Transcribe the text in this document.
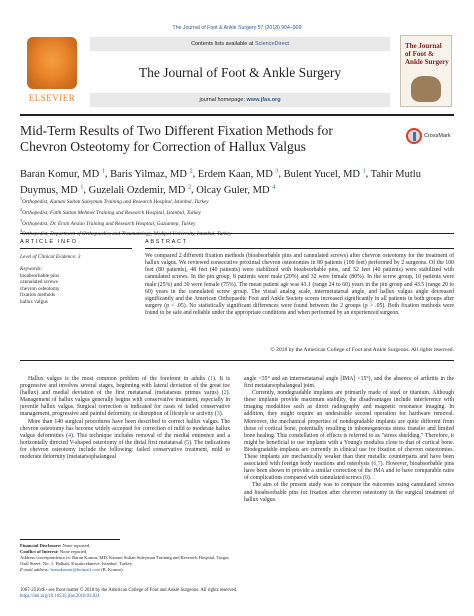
The Journal of Foot & Ankle Surgery 57 (2018) 904–909
ELSEVIER
Contents lists available at ScienceDirect
The Journal of Foot & Ankle Surgery
journal homepage: www.jfas.org
The Journal of Foot & Ankle Surgery
Mid-Term Results of Two Different Fixation Methods for Chevron Osteotomy for Correction of Hallux Valgus
CrossMark
Baran Komur, MD $^1$, Baris Yilmaz, MD $^2$, Erdem Kaan, MD $^3$, Bulent Yucel, MD $^1$, Tahir Mutlu Duymus, MD $^1$, Guzelali Ozdemir, MD $^2$, Olcay Guler, MD $^4$
$^1$Orthopedist, Kanuni Sultan Suleyman Training and Research Hospital, Istanbul, Turkey
$^2$Orthopedist, Fatih Sultan Mehmet Training and Research Hospital, Istanbul, Turkey
$^3$Orthopedist, Dr. Ersin Arslan Training and Research Hospital, Gaziantep, Turkey
$^4$Orthopedist, Department of Orthopaedics and Traumatology, Medipol University, Istanbul, Turkey
ARTICLE INFO
Level of Clinical Evidence: 3
Keywords:
bioabsorbable pins
cannulated screws
chevron osteotomy
fixation methods
hallux valgus
ABSTRACT
We compared 2 different fixation methods (bioabsorbable pins and cannulated screws) after chevron osteotomy for the treatment of hallux valgus. We reviewed consecutive proximal chevron osteotomies in 80 patients (100 feet) performed by 2 surgeons. Of the 100 feet (80 patients), 48 feet (40 patients) were stabilized with bioabsorbable pins, and 52 feet (40 patients) were stabilized with cannulated screws. In the pin group, 8 patients were male (20%) and 32 were female (80%). In the screw group, 10 patients were male (25%) and 30 were female (75%). The mean patient age was 43.1 (range 24 to 60) years in the pin group and 43.5 (range 20 to 60) years in the cannulated screw group. The visual analog scale, intermetatarsal angle, and hallux valgus angle decreased significantly and the American Orthopaedic Foot and Ankle Society scores increased significantly in all patients in both groups after surgery (p < .05). No statistically significant differences were found between the 2 groups (p > .05). Both fixation methods were found to be safe and reliable under the appropriate conditions and when performed by an experienced surgeon.
© 2018 by the American College of Foot and Ankle Surgeons. All rights reserved.

Hallux valgus is the most common problem of the forefront in adults (1). It is progressive and involves several stages, beginning with lateral deviation of the great toe (hallux) and medial deviation of the first metatarsal (metatarsus primus varus) (2). Management of hallux valgus generally begins with conservative treatment, especially in juvenile hallux valgus. Surgical correction is indicated for cases of failed conservative management, progressive and painful deformity, or disruption of lifestyle or activity (3).

More than 140 surgical procedures have been described to correct hallux valgus. The chevron osteotomy has become widely accepted for correction of mild to moderate hallux valgus deformities (4). This technique includes removal of the medial eminence and a horizontally directed V-shaped osteotomy of the distal first metatarsal (5). The indications for chevron osteotomy include the following: failed conservative treatment, mild to moderate deformity (metatarsophalangeal

angle <35° and an intermetatarsal angle [IMA] <15°), and the absence of arthritis in the first metatarsophalangeal joint.

Currently, nondegradable implants are primarily made of steel or titanium. Although these implants provide maximum stability, the disadvantages include interference with imaging modalities such as direct radiography and magnetic resonance imaging. In addition, they might require an undesirable second operation for hardware removal. Moreover, the mechanical properties of nondegradable implants are quite different from those of cortical bone, potentially resulting in inhomogeneous stress transfer and limited bone healing. This constellation of effects is referred to as "stress shielding." Therefore, it might be beneficial to use implants with a Young's modulus close to that of cortical bone. Biodegradable implants are currently in clinical use for fixation of chevron osteotomies. These implants are mechanically weaker than their metallic counterparts and have been associated with foreign body reactions and osteolysis (6,7). However, bioabsorbable pins have been shown to provide a similar correction of the IMA and to have comparable rates of complications compared with cannulated screws (8).

The aim of the present study was to compare the outcomes using cannulated screws and bioabsorbable pins for fixation after chevron osteotomy in the surgical treatment of hallux valgus.

Financial Disclosure: None reported.
Conflict of Interest: None reported.
Address correspondence to: Baran Komur, MD, Kanuni Sultan Suleyman Training and Research Hospital, Turgut Ozal Street, No: 1, Halkali, Kucukcekmece, Istanbul, Turkey.
E-mail address: barankomur@hotmail.com (B. Komur).
1067-2516/$ - see front matter © 2018 by the American College of Foot and Ankle Surgeons. All rights reserved.
https://doi.org/10.1053/j.jfas.2018.03.021
